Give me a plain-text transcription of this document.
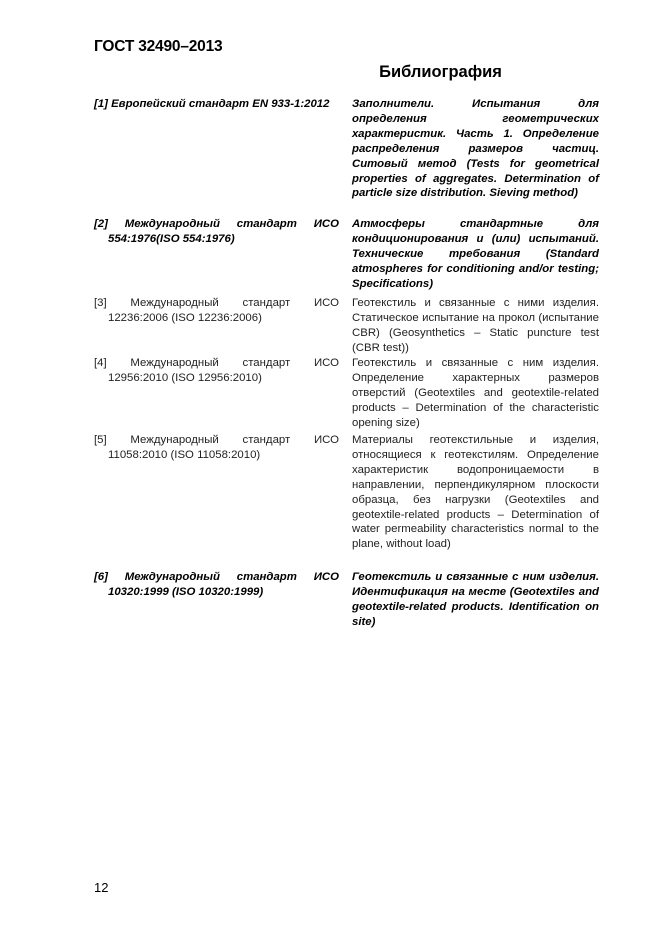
ГОСТ 32490–2013
Библиография
[1] Европейский стандарт EN 933-1:2012	Заполнители. Испытания для определения геометрических характеристик. Часть 1. Определение распределения размеров частиц. Ситовый метод (Tests for geometrical properties of aggregates. Determination of particle size distribution. Sieving method)
[2] Международный стандарт ИСО 554:1976(ISO 554:1976)
Атмосферы стандартные для кондиционирования и (или) испытаний. Технические требования (Standard atmospheres for conditioning and/or testing; Specifications)
[3] Международный стандарт ИСО 12236:2006 (ISO 12236:2006)
Геотекстиль и связанные с ними изделия. Статическое испытание на прокол (испытание CBR) (Geosynthetics – Static puncture test (CBR test))
[4] Международный стандарт ИСО 12956:2010 (ISO 12956:2010)
Геотекстиль и связанные с ним изделия. Определение характерных размеров отверстий (Geotextiles and geotextile-related products – Determination of the characteristic opening size)
[5] Международный стандарт ИСО 11058:2010 (ISO 11058:2010)
Материалы геотекстильные и изделия, относящиеся к геотекстилям. Определение характеристик водопроницаемости в направлении, перпендикулярном плоскости образца, без нагрузки (Geotextiles and geotextile-related products – Determination of water permeability characteristics normal to the plane, without load)
[6] Международный стандарт ИСО 10320:1999 (ISO 10320:1999)
Геотекстиль и связанные с ним изделия. Идентификация на месте (Geotextiles and geotextile-related products. Identification on site)
12
